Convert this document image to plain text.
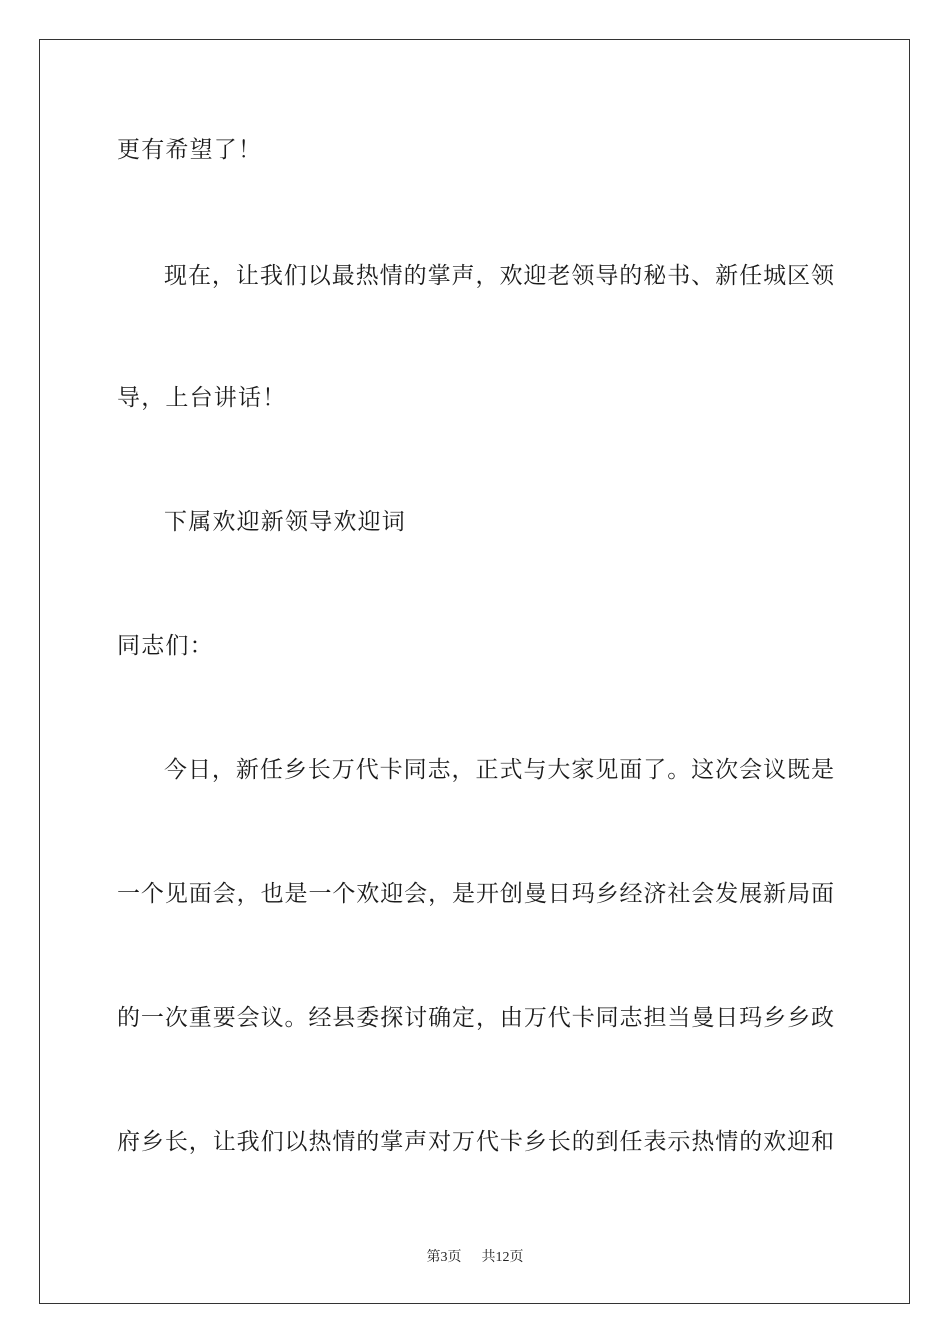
更有希望了！
现在，让我们以最热情的掌声，欢迎老领导的秘书、新任城区领
导，上台讲话！
下属欢迎新领导欢迎词
同志们：
今日，新任乡长万代卡同志，正式与大家见面了。这次会议既是
一个见面会，也是一个欢迎会，是开创曼日玛乡经济社会发展新局面
的一次重要会议。经县委探讨确定，由万代卡同志担当曼日玛乡乡政
府乡长，让我们以热情的掌声对万代卡乡长的到任表示热情的欢迎和
第3页 共12页
